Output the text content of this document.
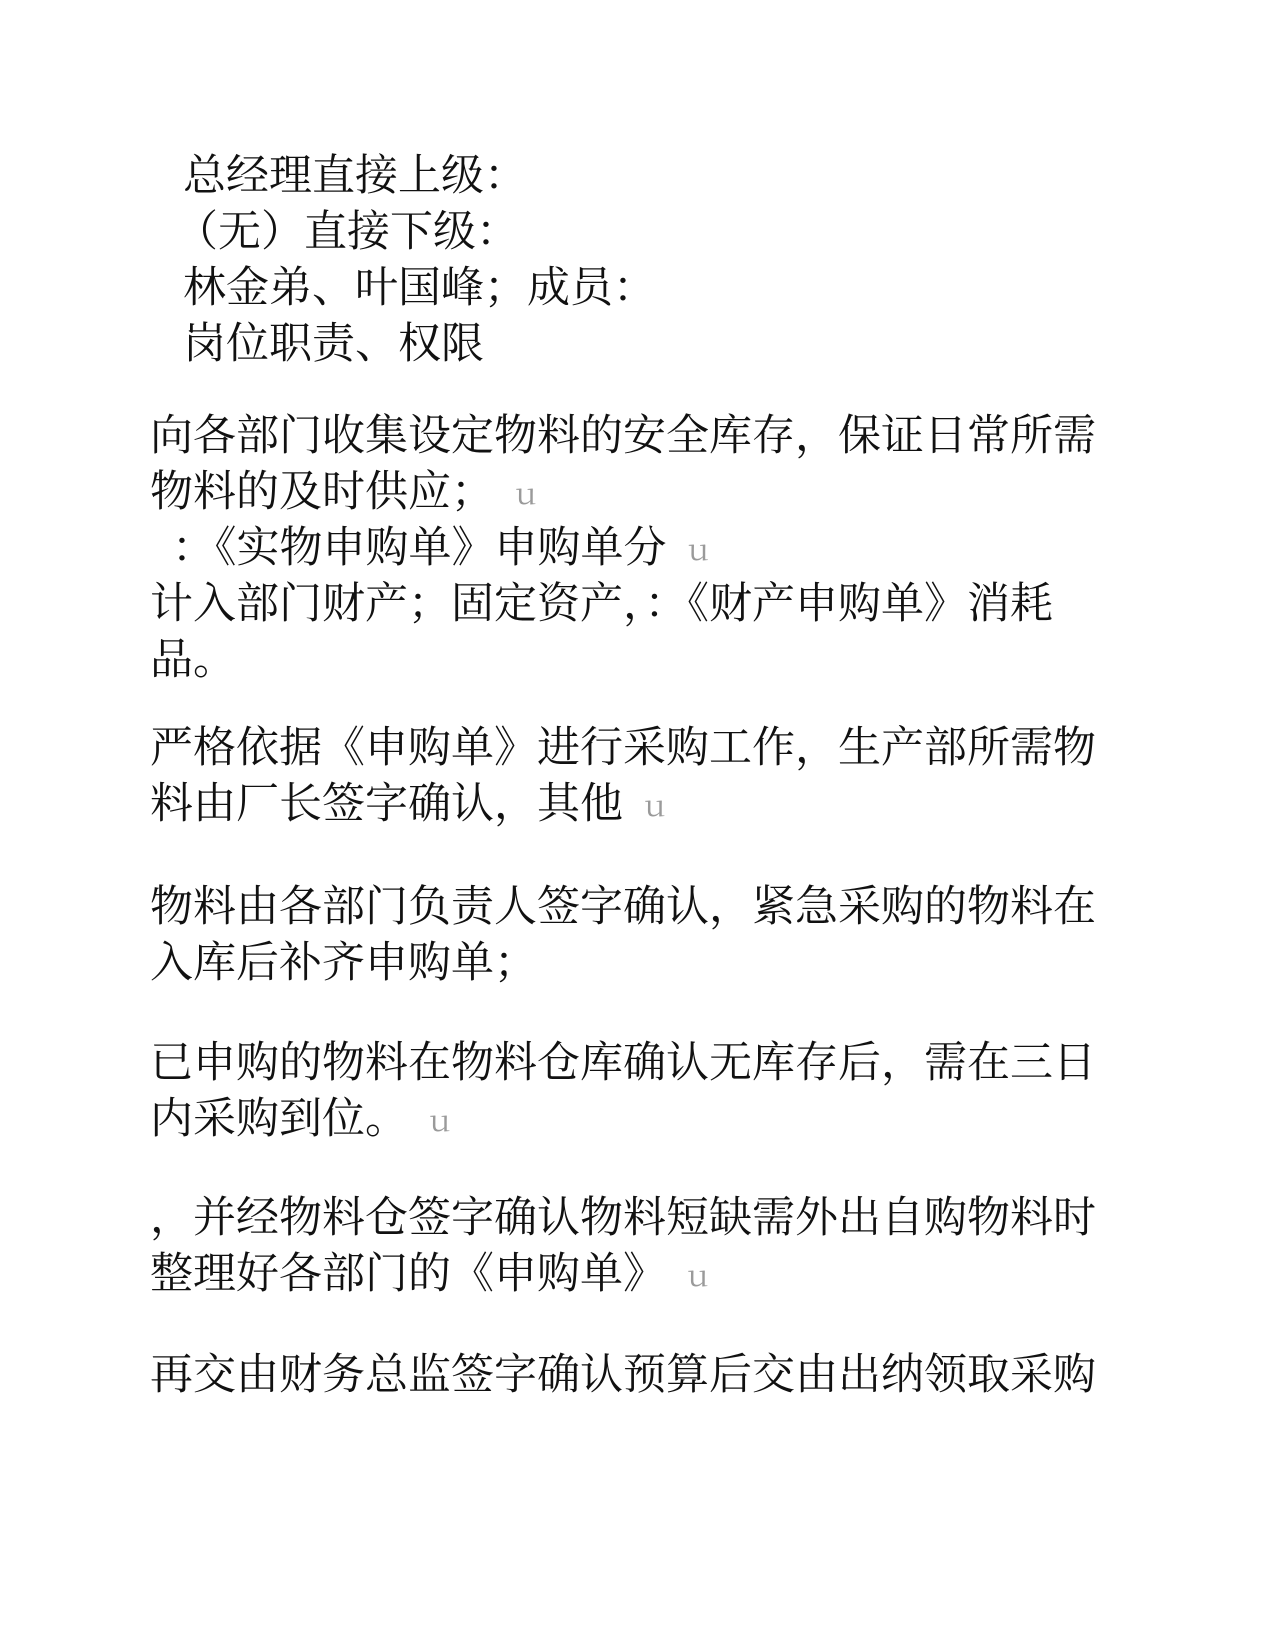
总经理直接上级：
（无）直接下级：
林金弟、叶国峰；成员：
岗位职责、权限
向各部门收集设定物料的安全库存，保证日常所需
物料的及时供应； ｕ
：《实物申购单》申购单分 ｕ
计入部门财产；固定资产，：《财产申购单》消耗
品。
严格依据《申购单》进行采购工作，生产部所需物
料由厂长签字确认，其他 ｕ
物料由各部门负责人签字确认，紧急采购的物料在
入库后补齐申购单；
已申购的物料在物料仓库确认无库存后，需在三日
内采购到位。 ｕ
，并经物料仓签字确认物料短缺需外出自购物料时
整理好各部门的《申购单》 ｕ
再交由财务总监签字确认预算后交由出纳领取采购
